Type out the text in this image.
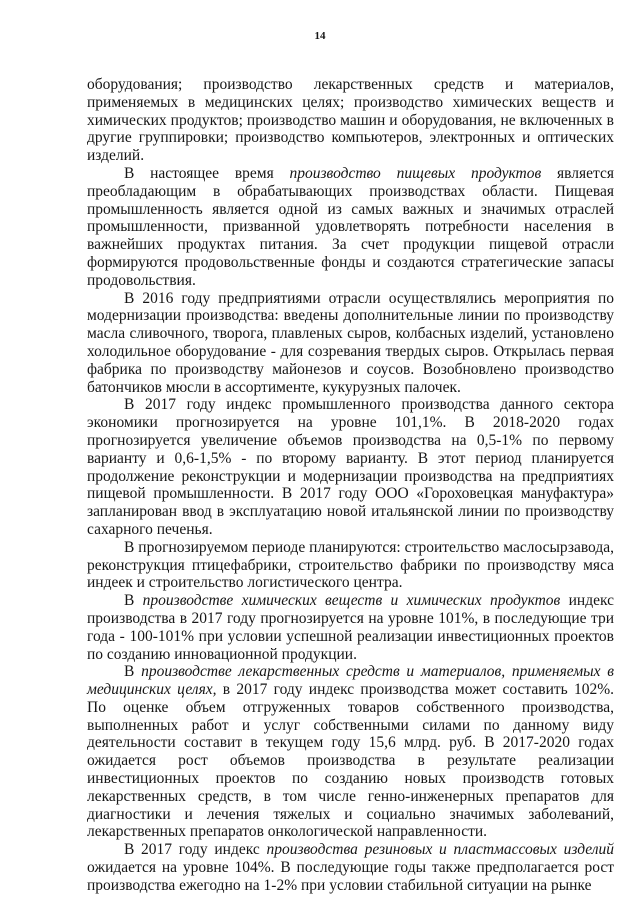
14

оборудования; производство лекарственных средств и материалов, применяемых в медицинских целях; производство химических веществ и химических продуктов; производство машин и оборудования, не включенных в другие группировки; производство компьютеров, электронных и оптических изделий.

В настоящее время производство пищевых продуктов является преобладающим в обрабатывающих производствах области. Пищевая промышленность является одной из самых важных и значимых отраслей промышленности, призванной удовлетворять потребности населения в важнейших продуктах питания. За счет продукции пищевой отрасли формируются продовольственные фонды и создаются стратегические запасы продовольствия.

В 2016 году предприятиями отрасли осуществлялись мероприятия по модернизации производства: введены дополнительные линии по производству масла сливочного, творога, плавленых сыров, колбасных изделий, установлено холодильное оборудование - для созревания твердых сыров. Открылась первая фабрика по производству майонезов и соусов. Возобновлено производство батончиков мюсли в ассортименте, кукурузных палочек.

В 2017 году индекс промышленного производства данного сектора экономики прогнозируется на уровне 101,1%. В 2018-2020 годах прогнозируется увеличение объемов производства на 0,5-1% по первому варианту и 0,6-1,5% - по второму варианту. В этот период планируется продолжение реконструкции и модернизации производства на предприятиях пищевой промышленности. В 2017 году ООО «Гороховецкая мануфактура» запланирован ввод в эксплуатацию новой итальянской линии по производству сахарного печенья.

В прогнозируемом периоде планируются: строительство маслосырзавода, реконструкция птицефабрики, строительство фабрики по производству мяса индеек и строительство логистического центра.

В производстве химических веществ и химических продуктов индекс производства в 2017 году прогнозируется на уровне 101%, в последующие три года - 100-101% при условии успешной реализации инвестиционных проектов по созданию инновационной продукции.

В производстве лекарственных средств и материалов, применяемых в медицинских целях, в 2017 году индекс производства может составить 102%. По оценке объем отгруженных товаров собственного производства, выполненных работ и услуг собственными силами по данному виду деятельности составит в текущем году 15,6 млрд. руб. В 2017-2020 годах ожидается рост объемов производства в результате реализации инвестиционных проектов по созданию новых производств готовых лекарственных средств, в том числе генно-инженерных препаратов для диагностики и лечения тяжелых и социально значимых заболеваний, лекарственных препаратов онкологической направленности.

В 2017 году индекс производства резиновых и пластмассовых изделий ожидается на уровне 104%. В последующие годы также предполагается рост производства ежегодно на 1-2% при условии стабильной ситуации на рынке
